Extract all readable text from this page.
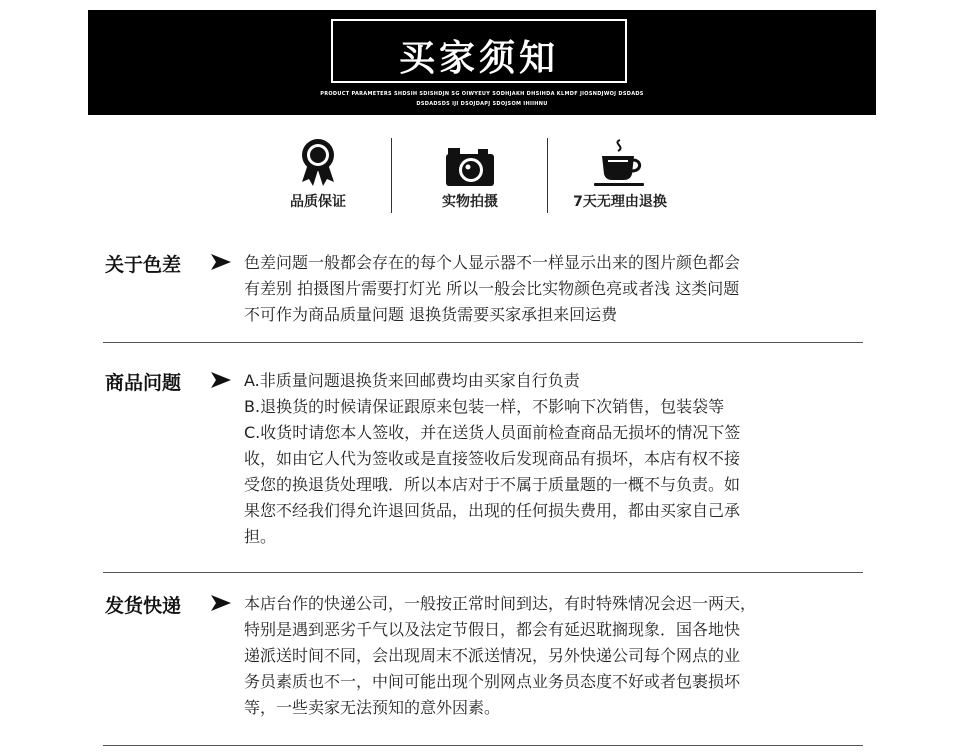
买家须知
PRODUCT PARAMETERS SHDSIH SDISHDJN SG OIWYEUY SODHJAKH DHSIHDA KLMDF JIOSNDJWOJ DSDADS
DSDADSDS IJI DSOJDAPJ SDOJSOM IHIIHNU
品质保证	实物拍摄	7天无理由退换
关于色差	色差问题一般都会存在的每个人显示器不一样显示出来的图片颜色都会
有差别 拍摄图片需要打灯光 所以一般会比实物颜色亮或者浅 这类问题
不可作为商品质量问题 退换货需要买家承担来回运费
商品问题	A.非质量问题退换货来回邮费均由买家自行负责
B.退换货的时候请保证跟原来包装一样，不影响下次销售，包装袋等
C.收货时请您本人签收，并在送货人员面前检查商品无损坏的情况下签
收，如由它人代为签收或是直接签收后发现商品有损坏，本店有权不接
受您的换退货处理哦．所以本店对于不属于质量题的一概不与负责。如
果您不经我们得允许退回货品，出现的任何损失费用，都由买家自己承
担。
发货快递	本店台作的快递公司，一般按正常时间到达，有时特殊情况会迟一两天，
特别是遇到恶劣千气以及法定节假日，都会有延迟耽搁现象．国各地快
递派送时间不同，会出现周末不派送情况，另外快递公司每个网点的业
务员素质也不一，中间可能出现个别网点业务员态度不好或者包裹损坏
等，一些卖家无法预知的意外因素。
